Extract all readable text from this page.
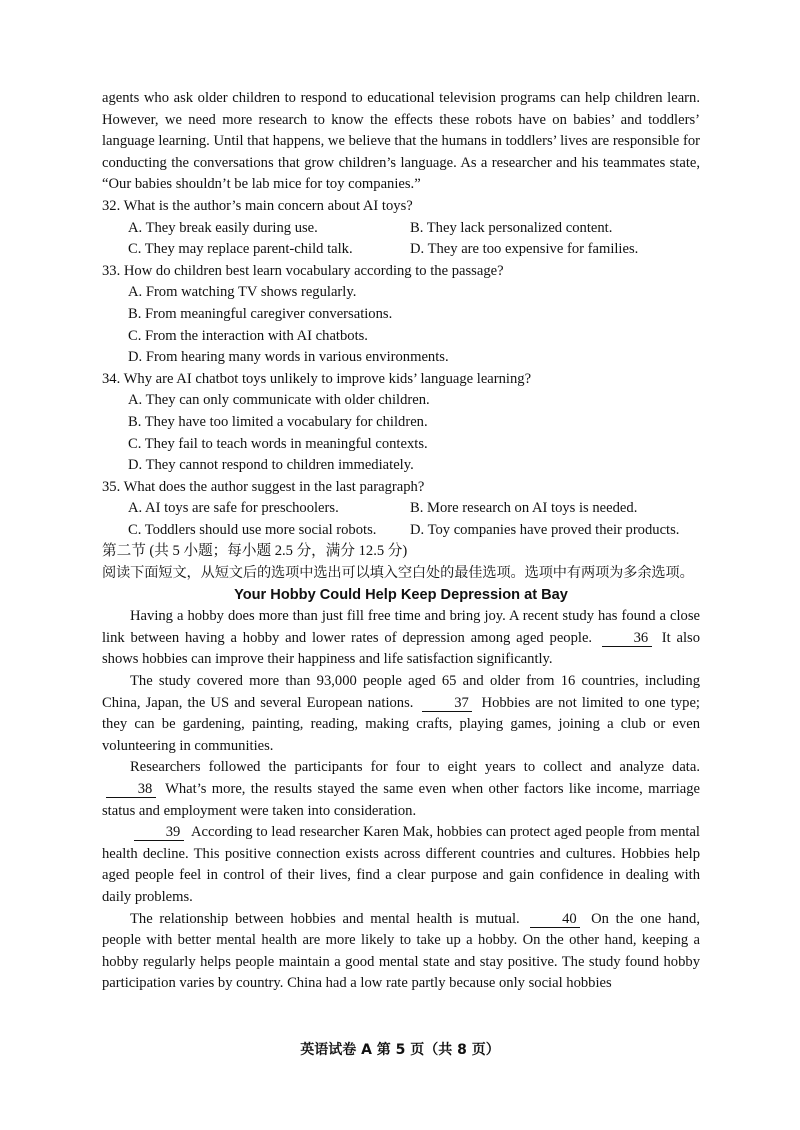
agents who ask older children to respond to educational television programs can help children learn. However, we need more research to know the effects these robots have on babies’ and toddlers’ language learning. Until that happens, we believe that the humans in toddlers’ lives are responsible for conducting the conversations that grow children’s language. As a researcher and his teammates state, “Our babies shouldn’t be lab mice for toy companies.”

32. What is the author’s main concern about AI toys?
A. They break easily during use.	B. They lack personalized content.
C. They may replace parent-child talk.	D. They are too expensive for families.
33. How do children best learn vocabulary according to the passage?
A. From watching TV shows regularly.
B. From meaningful caregiver conversations.
C. From the interaction with AI chatbots.
D. From hearing many words in various environments.
34. Why are AI chatbot toys unlikely to improve kids’ language learning?
A. They can only communicate with older children.
B. They have too limited a vocabulary for children.
C. They fail to teach words in meaningful contexts.
D. They cannot respond to children immediately.
35. What does the author suggest in the last paragraph?
A. AI toys are safe for preschoolers.	B. More research on AI toys is needed.
C. Toddlers should use more social robots.	D. Toy companies have proved their products.
第二节 (共 5 小题；每小题 2.5 分，满分 12.5 分)
阅读下面短文，从短文后的选项中选出可以填入空白处的最佳选项。选项中有两项为多余选项。
Your Hobby Could Help Keep Depression at Bay

Having a hobby does more than just fill free time and bring joy. A recent study has found a close link between having a hobby and lower rates of depression among aged people.	36 It also shows hobbies can improve their happiness and life satisfaction significantly.

The study covered more than 93,000 people aged 65 and older from 16 countries, including China, Japan, the US and several European nations.	37 Hobbies are not limited to one type; they can be gardening, painting, reading, making crafts, playing games, joining a club or even volunteering in communities.

Researchers followed the participants for four to eight years to collect and analyze data. 38 What’s more, the results stayed the same even when other factors like income, marriage status and employment were taken into consideration.

39 According to lead researcher Karen Mak, hobbies can protect aged people from mental health decline. This positive connection exists across different countries and cultures. Hobbies help aged people feel in control of their lives, find a clear purpose and gain confidence in dealing with daily problems.

The relationship between hobbies and mental health is mutual.	40 On the one hand, people with better mental health are more likely to take up a hobby. On the other hand, keeping a hobby regularly helps people maintain a good mental state and stay positive. The study found hobby participation varies by country. China had a low rate partly because only social hobbies

英语试卷 A 第 5 页（共 8 页）
